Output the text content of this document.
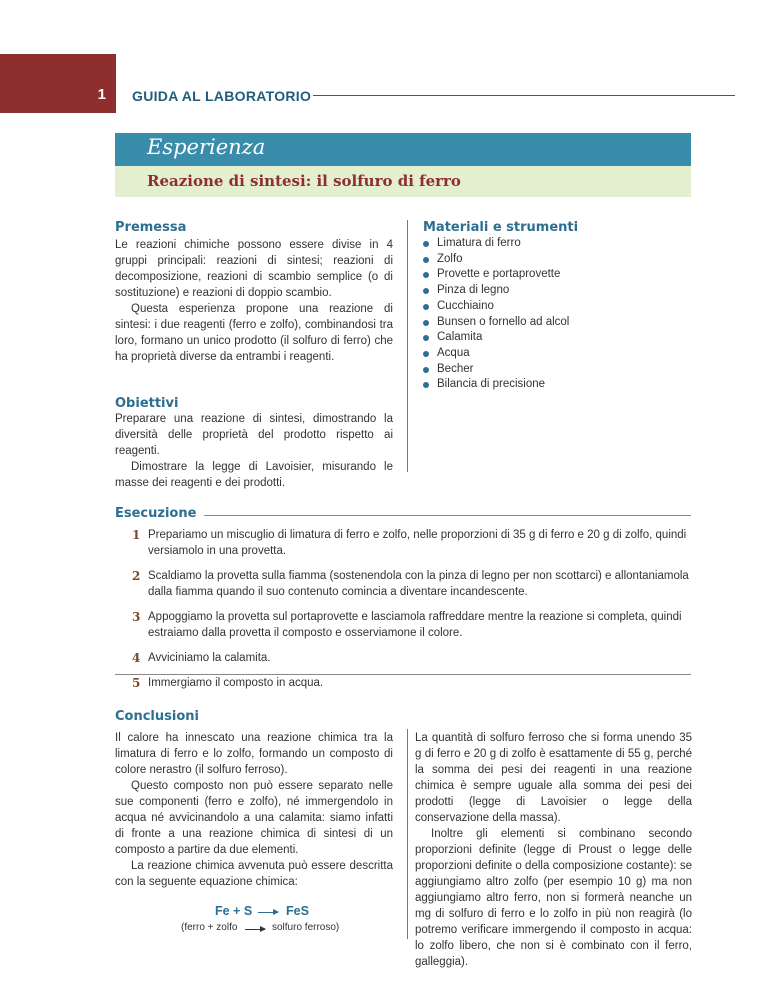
1 GUIDA AL LABORATORIO
Esperienza
Reazione di sintesi: il solfuro di ferro
Premessa

Le reazioni chimiche possono essere divise in 4 gruppi principali: reazioni di sintesi; reazioni di decomposizione, reazioni di scambio semplice (o di sostituzione) e reazioni di doppio scambio.

Questa esperienza propone una reazione di sintesi: i due reagenti (ferro e zolfo), combinandosi tra loro, formano un unico prodotto (il solfuro di ferro) che ha proprietà diverse da entrambi i reagenti.

Obiettivi

Preparare una reazione di sintesi, dimostrando la diversità delle proprietà del prodotto rispetto ai reagenti.

Dimostrare la legge di Lavoisier, misurando le masse dei reagenti e dei prodotti.

Materiali e strumenti
Limatura di ferro
Zolfo
Provette e portaprovette
Pinza di legno
Cucchiaino
Bunsen o fornello ad alcol
Calamita
Acqua
Becher
Bilancia di precisione
Esecuzione
1 Prepariamo un miscuglio di limatura di ferro e zolfo, nelle proporzioni di 35 g di ferro e 20 g di zolfo, quindi versiamolo in una provetta.
2 Scaldiamo la provetta sulla fiamma (sostenendola con la pinza di legno per non scottarci) e allontaniamola dalla fiamma quando il suo contenuto comincia a diventare incandescente.
3 Appoggiamo la provetta sul portaprovette e lasciamola raffreddare mentre la reazione si completa, quindi estraiamo dalla provetta il composto e osserviamone il colore.
4 Avviciniamo la calamita.
5 Immergiamo il composto in acqua.
Conclusioni

Il calore ha innescato una reazione chimica tra la limatura di ferro e lo zolfo, formando un composto di colore nerastro (il solfuro ferroso).

Questo composto non può essere separato nelle sue componenti (ferro e zolfo), né immergendolo in acqua né avvicinandolo a una calamita: siamo infatti di fronte a una reazione chimica di sintesi di un composto a partire da due elementi.

La reazione chimica avvenuta può essere descritta con la seguente equazione chimica:

Fe + S	FeS
(ferro + zolfo	solfuro ferroso)

La quantità di solfuro ferroso che si forma unendo 35 g di ferro e 20 g di zolfo è esattamente di 55 g, perché la somma dei pesi dei reagenti in una reazione chimica è sempre uguale alla somma dei pesi dei prodotti (legge di Lavoisier o legge della conservazione della massa).

Inoltre gli elementi si combinano secondo proporzioni definite (legge di Proust o legge delle proporzioni definite o della composizione costante): se aggiungiamo altro zolfo (per esempio 10 g) ma non aggiungiamo altro ferro, non si formerà neanche un mg di solfuro di ferro e lo zolfo in più non reagirà (lo potremo verificare immergendo il composto in acqua: lo zolfo libero, che non si è combinato con il ferro, galleggia).
